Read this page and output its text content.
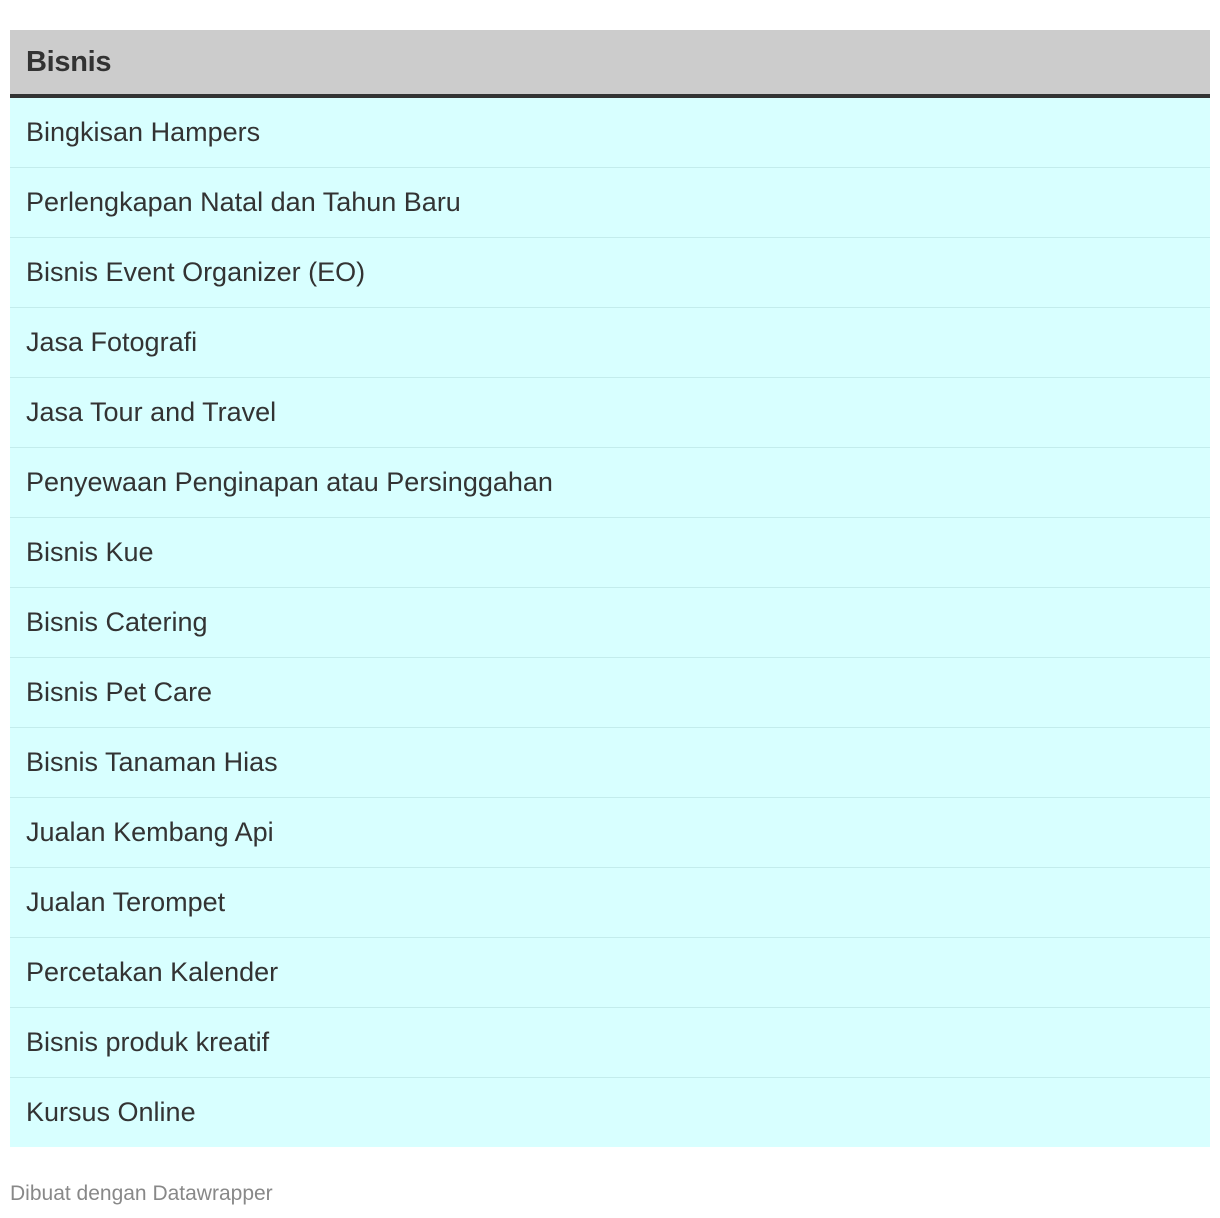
Bisnis
Bingkisan Hampers
Perlengkapan Natal dan Tahun Baru
Bisnis Event Organizer (EO)
Jasa Fotografi
Jasa Tour and Travel
Penyewaan Penginapan atau Persinggahan
Bisnis Kue
Bisnis Catering
Bisnis Pet Care
Bisnis Tanaman Hias
Jualan Kembang Api
Jualan Terompet
Percetakan Kalender
Bisnis produk kreatif
Kursus Online
Dibuat dengan Datawrapper
